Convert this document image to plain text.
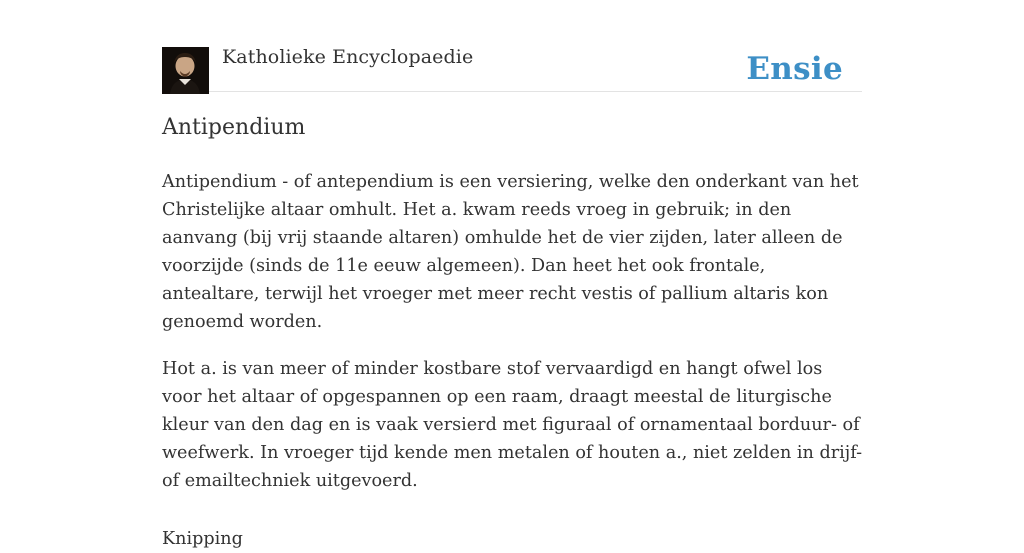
Katholieke Encyclopaedie	Ensie
Antipendium

Antipendium - of antependium is een versiering, welke den onderkant van het Christelijke altaar omhult. Het a. kwam reeds vroeg in gebruik; in den aanvang (bij vrij staande altaren) omhulde het de vier zijden, later alleen de voorzijde (sinds de 11e eeuw algemeen). Dan heet het ook frontale, antealtare, terwijl het vroeger met meer recht vestis of pallium altaris kon genoemd worden.

Hot a. is van meer of minder kostbare stof vervaardigd en hangt ofwel los voor het altaar of opgespannen op een raam, draagt meestal de liturgische kleur van den dag en is vaak versierd met figuraal of ornamentaal borduur- of weefwerk. In vroeger tijd kende men metalen of houten a., niet zelden in drijf- of emailtechniek uitgevoerd.

Knipping
